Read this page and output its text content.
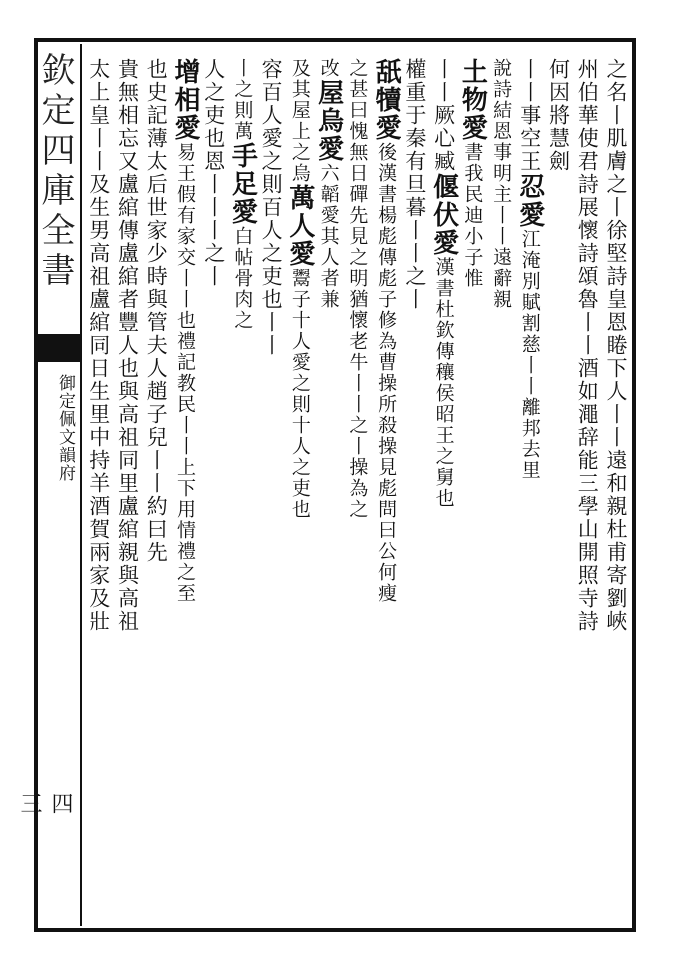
欽定四庫全書
御定佩文韻府
四三
之名丨肌膚之丨徐堅詩皇恩睠下人丨丨遠和親杜甫寄劉峽
州伯華使君詩展懷詩頌魯丨丨酒如澠辞能三學山開照寺詩
何因將慧劍
丨丨事空王忍愛江淹別賦割慈丨丨離邦去里
說詩結恩事明主丨丨遠辭親
土物愛書我民迪小子惟
丨丨厥心臧偃伏愛漢書杜欽傳穰侯昭王之舅也
權重于秦有旦暮丨丨之丨
舐犢愛後漢書楊彪傳彪子修為曹操所殺操見彪問曰公何瘦
之甚曰愧無日磾先見之明猶懷老牛丨丨之丨操為之
改屋烏愛六韜愛其人者兼
及其屋上之烏萬人愛鬻子十人愛之則十人之吏也
容百人愛之則百人之吏也丨丨
丨之則萬手足愛白帖骨肉之
人之吏也恩丨丨丨之丨
增相愛易王假有家交丨丨也禮記教民丨丨上下用情禮之至
也史記薄太后世家少時與管夫人趙子兒丨丨約曰先
貴無相忘又盧綰傳盧綰者豐人也與高祖同里盧綰親與高祖
太上皇丨丨及生男高祖盧綰同日生里中持羊酒賀兩家及壯
